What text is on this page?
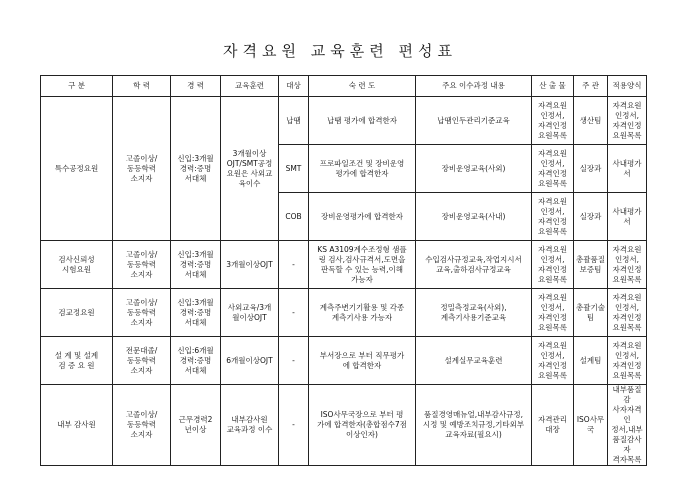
자격요원 교육훈련 편성표
구 분	학 력	경 력	교육훈련	대상	숙 련 도	주요 이수과정 내용	산 출 물	주 관	적용양식
특수공정요원	고졸이상/
동등학력
소지자	신입:3개월
경력:증명
서대체	3개월이상
OJT/SMT공정
요원은 사외교
육이수	납땜	납땜 평가에 합격한자	납땜인두관리기준교육	자격요원
인정서,
자격인정
요원목록	생산팀	자격요원
인정서,
자격인정
요원목록
				SMT	프로파일조건 및 장비운영
평가에 합격한자	장비운영교육(사외)	자격요원
인정서,
자격인정
요원목록	실장과	사내평가서
				COB	장비운영평가에 합격한자	장비운영교육(사내)	자격요원
인정서,
자격인정
요원목록	실장과	사내평가서
검사신뢰성
시험요원	고졸이상/
동등학력
소지자	신입:3개월
경력:증명
서대체	3개월이상OJT	-	KS A3109계수조정형 샘플
링 검사,검사규격서,도면을
판독할 수 있는 능력,이해
가능자	수입검사규정교육,작업지시서
교육,출하검사규정교육	자격요원
인정서,
자격인정
요원목록	총괄품질
보증팀	자격요원
인정서,
자격인정
요원목록
검교정요원	고졸이상/
동등학력
소지자	신입:3개월
경력:증명
서대체	사외교육/3개
월이상OJT	-	계측주변기기활용 및 각종
계측기사용 가능자	정밀측정교육(사외),
계측기사용기준교육	자격요원
인정서,
자격인정
요원목록	총괄기술팀	자격요원
인정서,
자격인정
요원목록
설 계 및 설계
검 증 요 원	전문대졸/
동등학력
소지자	신입:6개월
경력:증명
서대체	6개월이상OJT	-	부서장으로 부터 직무평가
에 합격한자	설계실무교육훈련	자격요원
인정서,
자격인정
요원목록	설계팀	자격요원
인정서,
자격인정
요원목록
내부 감사원	고졸이상/
동등학력
소지자	근무경력2
년이상	내부감사원
교육과정 이수	-	ISO사무국장으로 부터 평
가에 합격한자(총합점수7점
이상인자)	품질경영매뉴얼,내부감사규정,
시정 및 예방조치규정,기타외부
교육자료(필요시)	자격관리
대장	ISO사무국	내부품질감
사자자격인
정서,내부
품질감사자
격자목록
